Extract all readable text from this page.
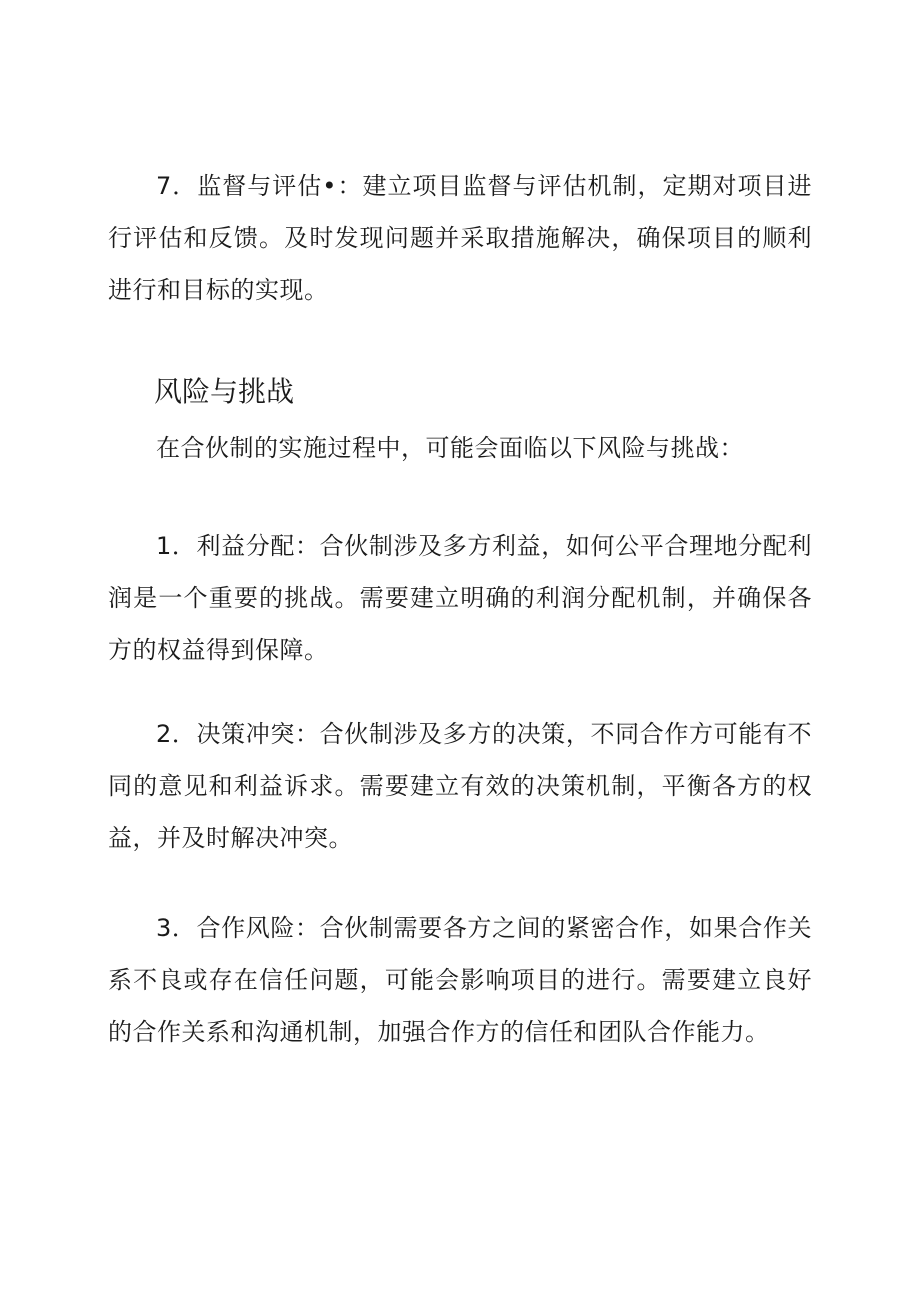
7．监督与评估•：建立项目监督与评估机制，定期对项目进行评估和反馈。及时发现问题并采取措施解决，确保项目的顺利进行和目标的实现。

风险与挑战

在合伙制的实施过程中，可能会面临以下风险与挑战：

1．利益分配：合伙制涉及多方利益，如何公平合理地分配利润是一个重要的挑战。需要建立明确的利润分配机制，并确保各方的权益得到保障。

2．决策冲突：合伙制涉及多方的决策，不同合作方可能有不同的意见和利益诉求。需要建立有效的决策机制，平衡各方的权益，并及时解决冲突。

3．合作风险：合伙制需要各方之间的紧密合作，如果合作关系不良或存在信任问题，可能会影响项目的进行。需要建立良好的合作关系和沟通机制，加强合作方的信任和团队合作能力。
